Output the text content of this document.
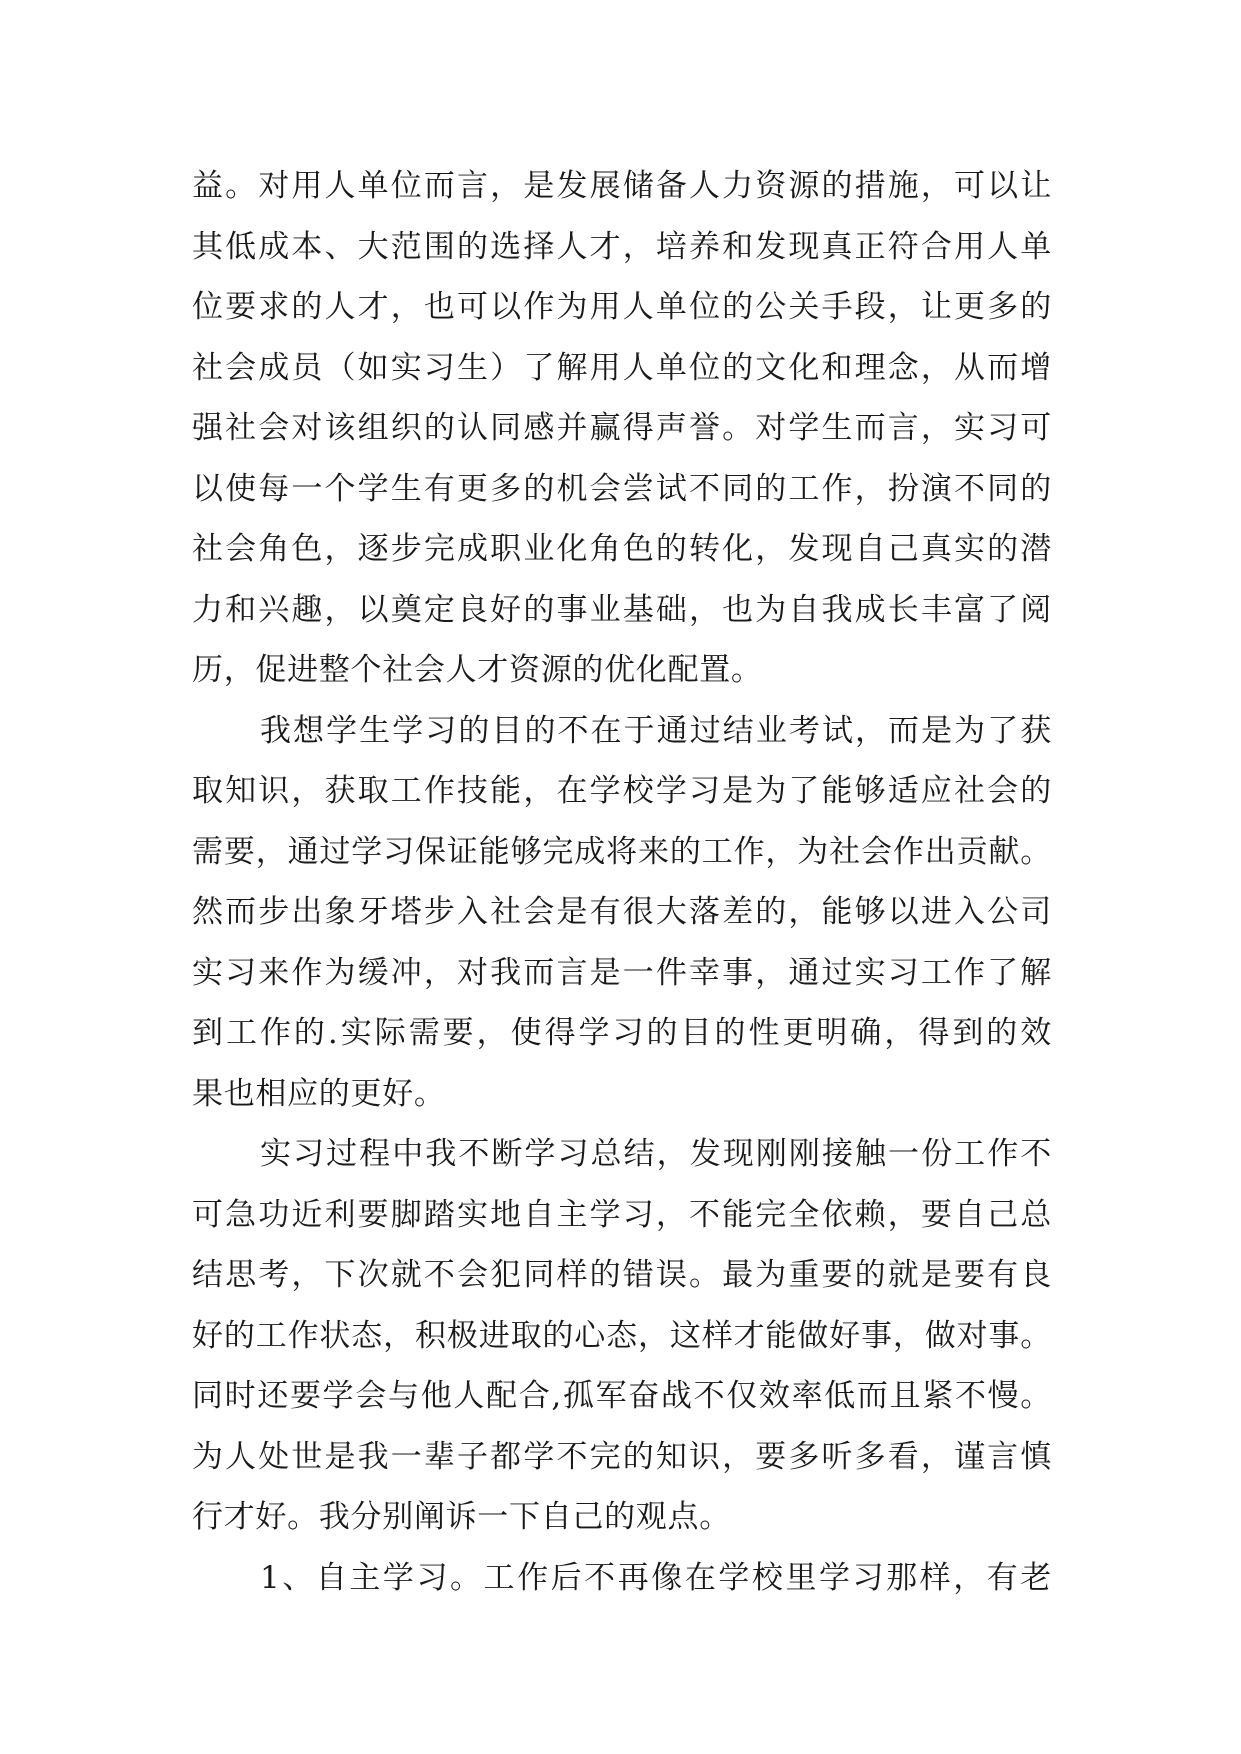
益。对用人单位而言，是发展储备人力资源的措施，可以让
其低成本、大范围的选择人才，培养和发现真正符合用人单
位要求的人才，也可以作为用人单位的公关手段，让更多的
社会成员（如实习生）了解用人单位的文化和理念，从而增
强社会对该组织的认同感并赢得声誉。对学生而言，实习可
以使每一个学生有更多的机会尝试不同的工作，扮演不同的
社会角色，逐步完成职业化角色的转化，发现自己真实的潜
力和兴趣，以奠定良好的事业基础，也为自我成长丰富了阅
历，促进整个社会人才资源的优化配置。
我想学生学习的目的不在于通过结业考试，而是为了获
取知识，获取工作技能，在学校学习是为了能够适应社会的
需要，通过学习保证能够完成将来的工作，为社会作出贡献。
然而步出象牙塔步入社会是有很大落差的，能够以进入公司
实习来作为缓冲，对我而言是一件幸事，通过实习工作了解
到工作的.实际需要，使得学习的目的性更明确，得到的效
果也相应的更好。
实习过程中我不断学习总结，发现刚刚接触一份工作不
可急功近利要脚踏实地自主学习，不能完全依赖，要自己总
结思考，下次就不会犯同样的错误。最为重要的就是要有良
好的工作状态，积极进取的心态，这样才能做好事，做对事。
同时还要学会与他人配合,孤军奋战不仅效率低而且紧不慢。
为人处世是我一辈子都学不完的知识，要多听多看，谨言慎
行才好。我分别阐诉一下自己的观点。
1、自主学习。工作后不再像在学校里学习那样，有老
